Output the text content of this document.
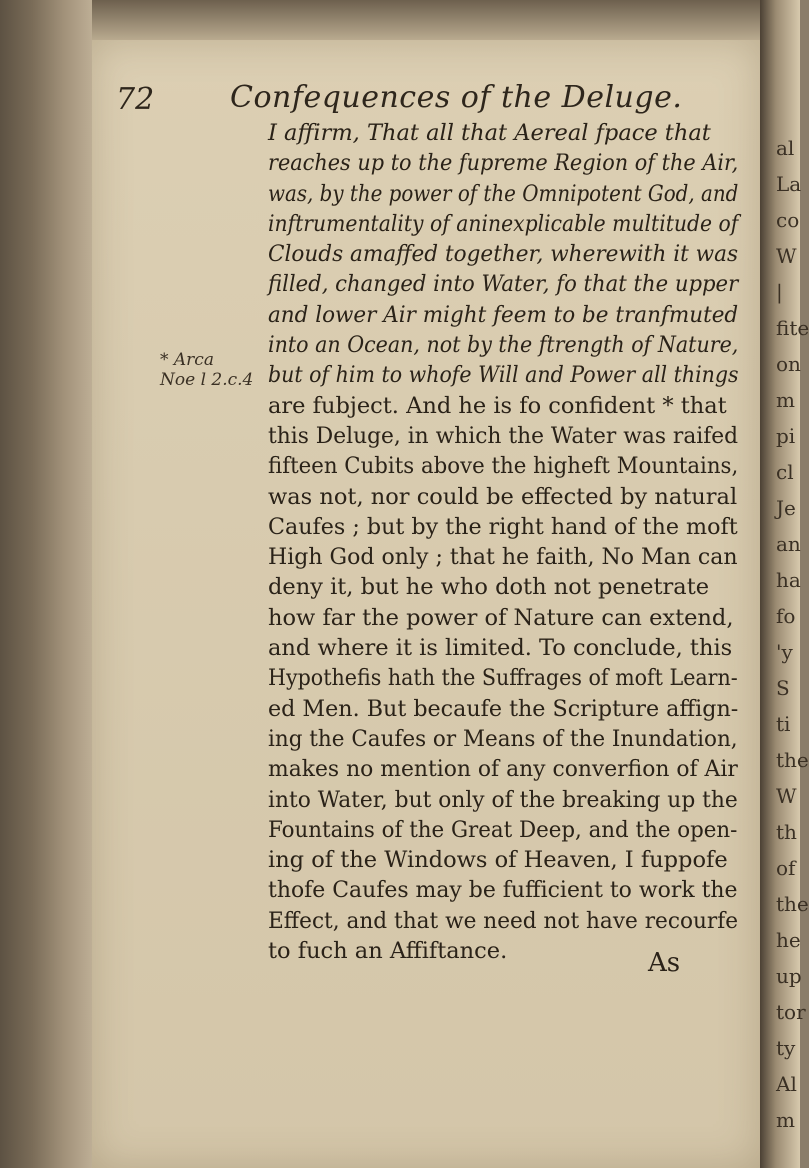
al
La
co
W
|
fite
on
m
pi
cl
Je
an
ha
fo
'y
S
ti
the
W
th
of
the
he
up
tor
ty
Al
m
72	Confequences of the Deluge.
* Arca
Noe l 2.c.4
I affirm, That all that Aereal fpace that
reaches up to the fupreme Region of the Air,
was, by the power of the Omnipotent God, and
inftrumentality of aninexplicable multitude of
Clouds amaffed together, wherewith it was
filled, changed into Water, fo that the upper
and lower Air might feem to be tranfmuted
into an Ocean, not by the ftrength of Nature,
but of him to whofe Will and Power all things
are fubject. And he is fo confident * that
this Deluge, in which the Water was raifed
fifteen Cubits above the higheft Mountains,
was not, nor could be effected by natural
Caufes ; but by the right hand of the moft
High God only ; that he faith, No Man can
deny it, but he who doth not penetrate
how far the power of Nature can extend,
and where it is limited. To conclude, this
Hypothefis hath the Suffrages of moft Learn-
ed Men. But becaufe the Scripture affign-
ing the Caufes or Means of the Inundation,
makes no mention of any converfion of Air
into Water, but only of the breaking up the
Fountains of the Great Deep, and the open-
ing of the Windows of Heaven, I fuppofe
thofe Caufes may be fufficient to work the
Effect, and that we need not have recourfe
to fuch an Affiftance.	As
